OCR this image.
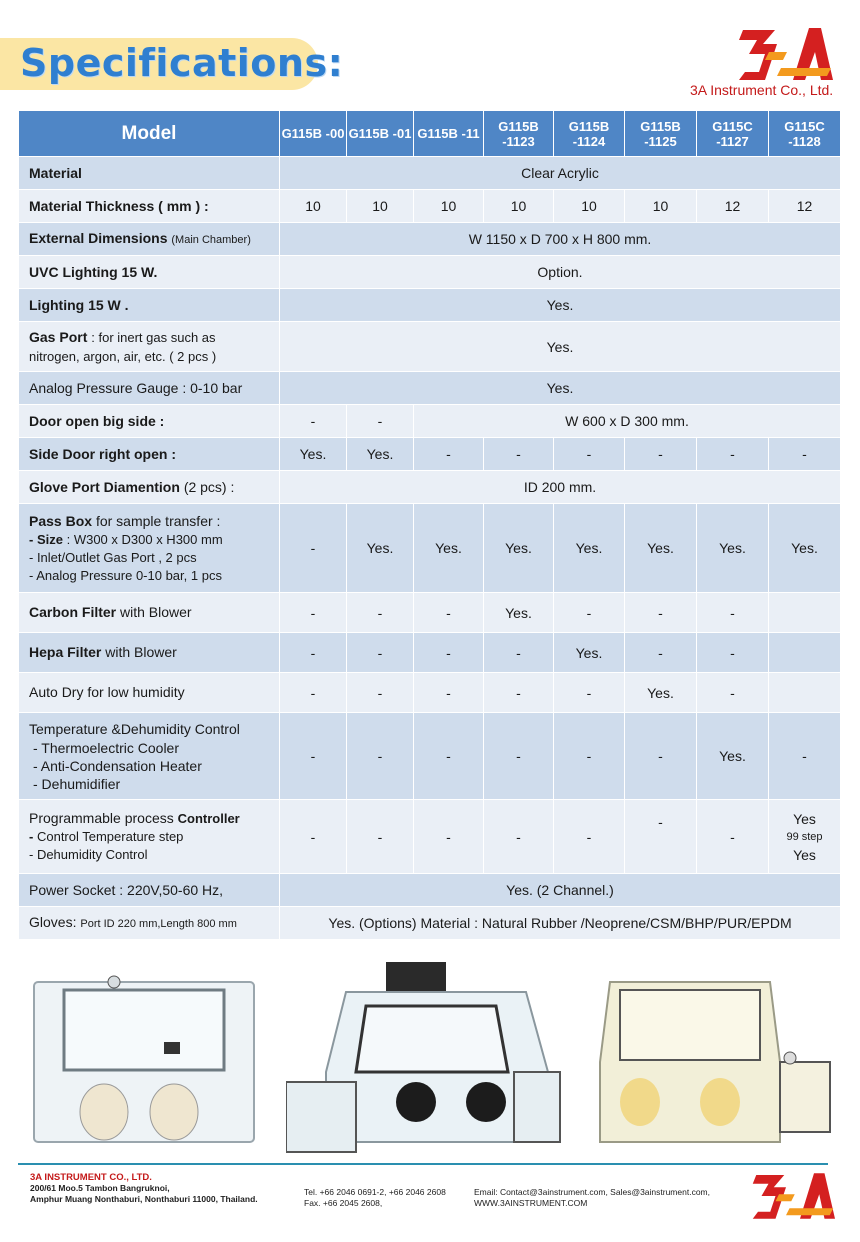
Specifications:
3A Instrument Co., Ltd.
Model	G115B -00	G115B -01	G115B -11	G115B -1123	G115B -1124	G115B -1125	G115C -1127	G115C -1128
Material	Clear Acrylic							
Material Thickness ( mm ) :	10	10	10	10	10	10	12	12
External Dimensions (Main Chamber)	W 1150 x D 700 x H 800 mm.							
UVC Lighting 15 W.	Option.							
Lighting 15 W .	Yes.							
Gas Port : for inert gas such as nitrogen, argon, air, etc. ( 2 pcs )	Yes.							
Analog Pressure Gauge : 0-10 bar	Yes.							
Door open big side :	-	-	W 600 x D 300 mm.					
Side Door right open :	Yes.	Yes.	-	-	-	-	-	-
Glove Port Diamention (2 pcs) :	ID 200 mm.							
Pass Box for sample transfer :
- Size : W300 x D300 x H300 mm
- Inlet/Outlet Gas Port , 2 pcs
- Analog Pressure 0-10 bar, 1 pcs	-	Yes.	Yes.	Yes.	Yes.	Yes.	Yes.	Yes.
Carbon Filter with Blower	-	-	-	Yes.	-	-	-	
Hepa Filter with Blower	-	-	-	-	Yes.	-	-	
Auto Dry for low humidity	-	-	-	-	-	Yes.	-	
Temperature &Dehumidity Control
- Thermoelectric Cooler
- Anti-Condensation Heater
- Dehumidifier	-	-	-	-	-	-	Yes.	-
Programmable process Controller
- Control Temperature step
- Dehumidity Control	-	-	-	-	-	-	-	Yes
99 step
Yes

Power Socket : 220V,50-60 Hz,	Yes. (2 Channel.)							
Gloves: Port ID 220 mm,Length 800 mm	Yes. (Options) Material : Natural Rubber /Neoprene/CSM/BHP/PUR/EPDM							
3A INSTRUMENT CO., LTD.
200/61 Moo.5 Tambon Bangruknoi,
Amphur Muang Nonthaburi, Nonthaburi 11000, Thailand.
Tel. +66 2046 0691-2, +66 2046 2608
Fax. +66 2045 2608,
Email: Contact@3ainstrument.com, Sales@3ainstrument.com,
WWW.3AINSTRUMENT.COM
